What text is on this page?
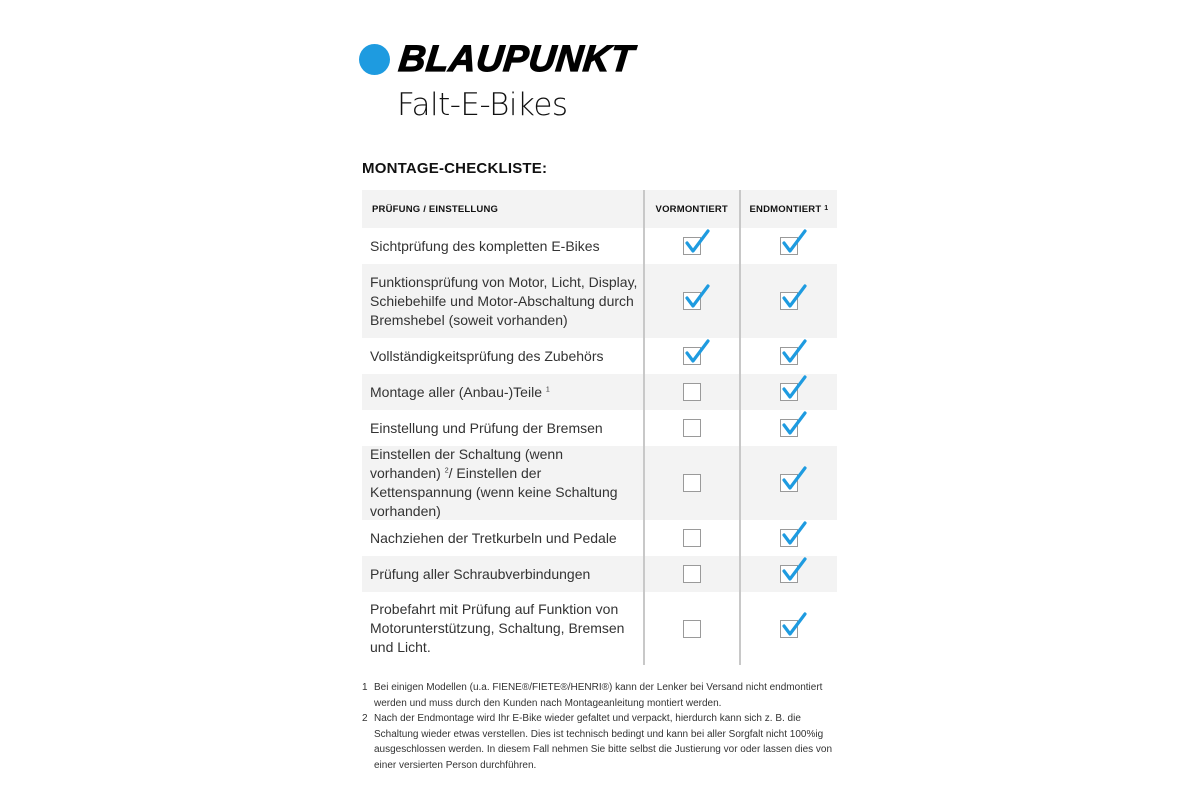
BLAUPUNKT
Falt-E-Bikes
MONTAGE-CHECKLISTE:
PRÜFUNG / EINSTELLUNG	VORMONTIERT	ENDMONTIERT
1
Sichtprüfung des kompletten E-Bikes
Funktionsprüfung von Motor, Licht, Display, Schiebehilfe und Motor-Abschaltung durch Bremshebel (soweit vorhanden)
Vollständigkeitsprüfung des Zubehörs
Montage aller (Anbau-)Teile $^1$
Einstellung und Prüfung der Bremsen
Einstellen der Schaltung (wenn vorhanden) $^2$/ Einstellen der Kettenspannung (wenn keine Schaltung vorhanden)
Nachziehen der Tretkurbeln und Pedale
Prüfung aller Schraubverbindungen
Probefahrt mit Prüfung auf Funktion von Motorunterstützung, Schaltung, Bremsen und Licht.
1 Bei einigen Modellen (u.a. FIENE®/FIETE®/HENRI®) kann der Lenker bei Versand nicht endmontiert werden und muss durch den Kunden nach Montageanleitung montiert werden.
2 Nach der Endmontage wird Ihr E-Bike wieder gefaltet und verpackt, hierdurch kann sich z. B. die Schaltung wieder etwas verstellen. Dies ist technisch bedingt und kann bei aller Sorgfalt nicht 100%ig ausgeschlossen werden. In diesem Fall nehmen Sie bitte selbst die Justierung vor oder lassen dies von einer versierten Person durchführen.
